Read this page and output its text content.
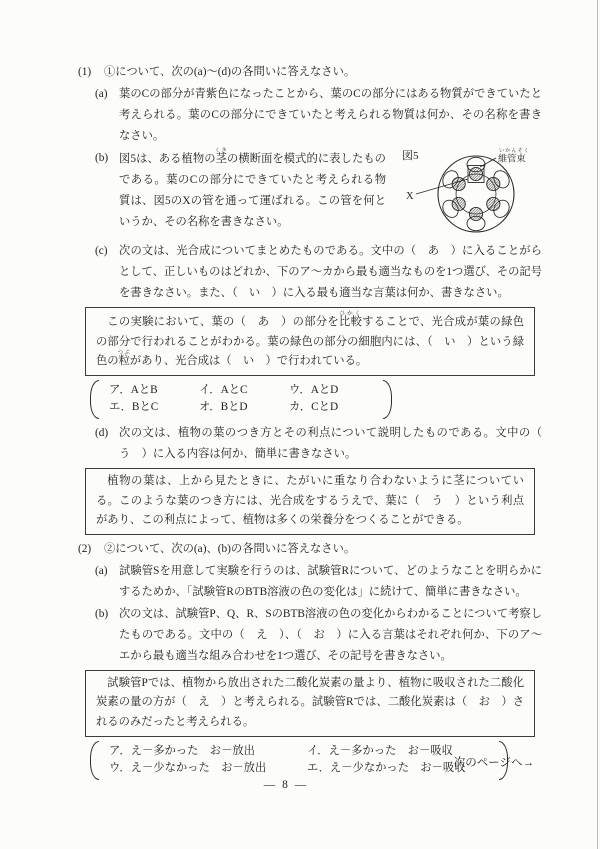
(1)	①について、次の(a)～(d)の各問いに答えなさい。
(a)	葉のCの部分が青紫色になったことから、葉のCの部分にはある物質ができていたと考えられる。葉のCの部分にできていたと考えられる物質は何か、その名称を書きなさい。
(b)	図5
X
維管束
いかんそく
図5は、ある植物の茎くきの横断面を模式的に表したものである。葉のCの部分にできていたと考えられる物質は、図5のXの管を通って運ばれる。この管を何というか、その名称を書きなさい。
(c)	次の文は、光合成についてまとめたものである。文中の（　あ　）に入ることがらとして、正しいものはどれか、下のア～カから最も適当なものを1つ選び、その記号を書きなさい。また、（　い　）に入る最も適当な言葉は何か、書きなさい。

この実験において、葉の（　あ　）の部分を比較ひかくすることで、光合成が葉の緑色の部分で行われることがわかる。葉の緑色の部分の細胞内には、（　い　）という緑色の粒つぶがあり、光合成は（　い　）で行われている。

ア．AとB	イ．AとC	ウ．AとD
エ．BとC	オ．BとD	カ．CとD
(d) 次の文は、植物の葉のつき方とその利点について説明したものである。文中の（　う　）に入る内容は何か、簡単に書きなさい。

植物の葉は、上から見たときに、たがいに重なり合わないように茎についている。このような葉のつき方には、光合成をするうえで、葉に（　う　）という利点があり、この利点によって、植物は多くの栄養分をつくることができる。

(2)	②について、次の(a)、(b)の各問いに答えなさい。
(a)	試験管Sを用意して実験を行うのは、試験管Rについて、どのようなことを明らかにするためか、「試験管RのBTB溶液の色の変化は」に続けて、簡単に書きなさい。
(b) 次の文は、試験管P、Q、R、SのBTB溶液の色の変化からわかることについて考察したものである。文中の（　え　）、（　お　）に入る言葉はそれぞれ何か、下のア～エから最も適当な組み合わせを1つ選び、その記号を書きなさい。

試験管Pでは、植物から放出された二酸化炭素の量より、植物に吸収された二酸化炭素の量の方が（　え　）と考えられる。試験管Rでは、二酸化炭素は（　お　）されるのみだったと考えられる。

ア．え－多かった　お－放出	イ．え－多かった　お－吸収
ウ．え－少なかった　お－放出	エ．え－少なかった　お－吸収
次のページへ→
― 8 ―
